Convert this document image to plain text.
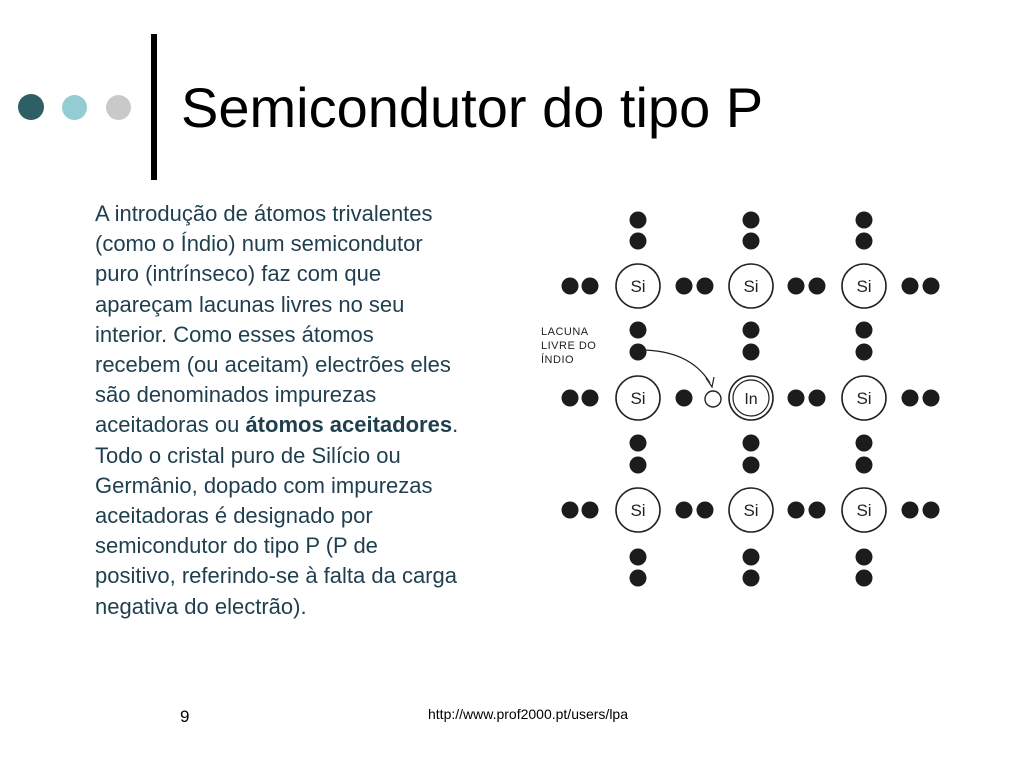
Semicondutor do tipo P
A introdução de átomos trivalentes
(como o Índio) num semicondutor
puro (intrínseco) faz com que
apareçam lacunas livres no seu
interior. Como esses átomos
recebem (ou aceitam) electrões eles
são denominados impurezas
aceitadoras ou átomos aceitadores.
Todo o cristal puro de Silício ou
Germânio, dopado com impurezas
aceitadoras é designado por
semicondutor do tipo P (P de
positivo, referindo-se à falta da carga
negativa do electrão).
Si	Si	Si
Si	In	Si
Si	Si	Si
LACUNA
LIVRE DO
ÍNDIO
9	http://www.prof2000.pt/users/lpa
